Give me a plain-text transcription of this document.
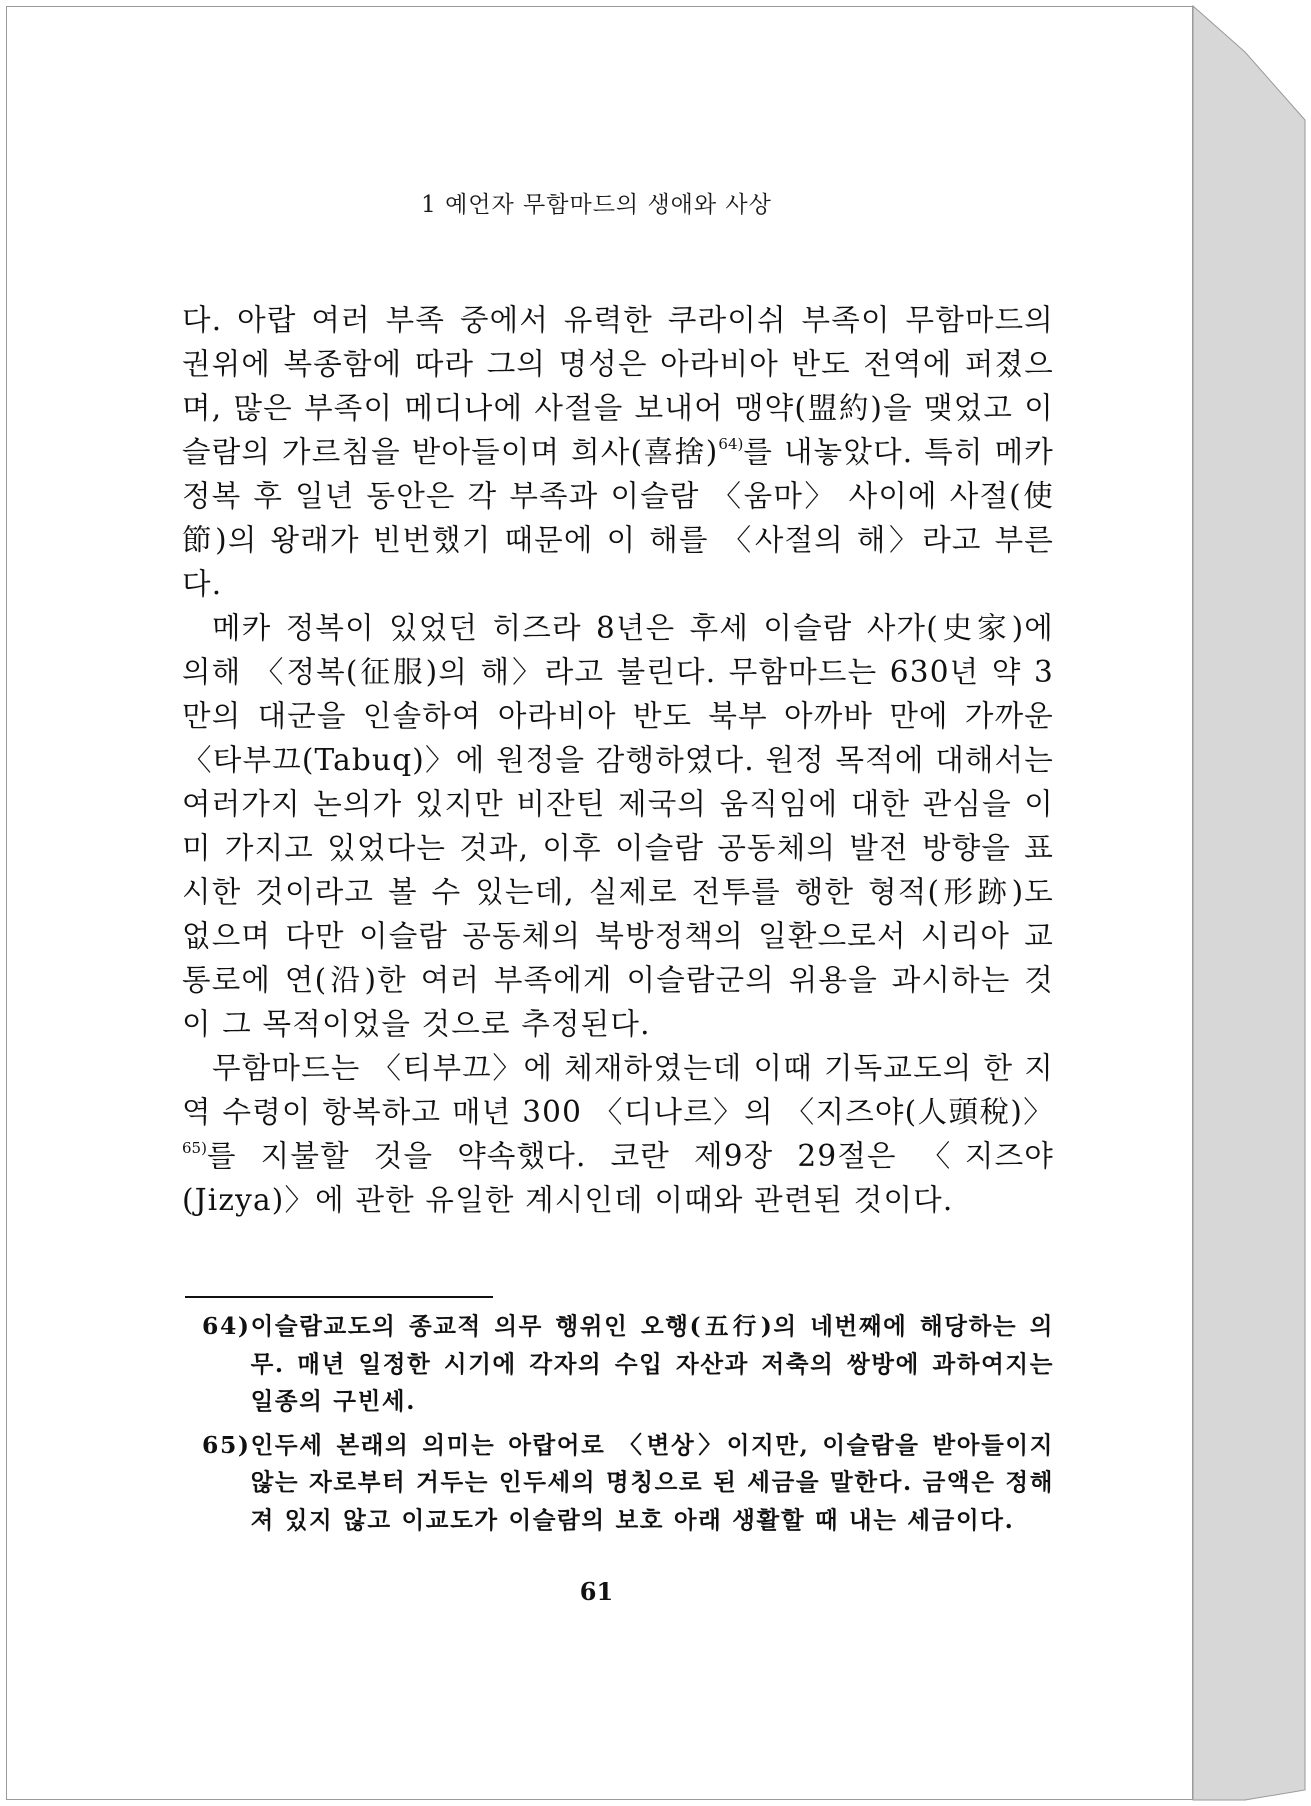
1 예언자 무함마드의 생애와 사상

다. 아랍 여러 부족 중에서 유력한 쿠라이쉬 부족이 무함마드의 권위에 복종함에 따라 그의 명성은 아라비아 반도 전역에 퍼졌으며, 많은 부족이 메디나에 사절을 보내어 맹약(盟約)을 맺었고 이슬람의 가르침을 받아들이며 희사(喜捨)$^{64)}$를 내놓았다. 특히 메카 정복 후 일년 동안은 각 부족과 이슬람 〈움마〉 사이에 사절(使節)의 왕래가 빈번했기 때문에 이 해를 〈사절의 해〉라고 부른다.

메카 정복이 있었던 히즈라 8년은 후세 이슬람 사가(史家)에 의해 〈정복(征服)의 해〉라고 불린다. 무함마드는 630년 약 3만의 대군을 인솔하여 아라비아 반도 북부 아까바 만에 가까운 〈타부끄(Tabuq)〉에 원정을 감행하였다. 원정 목적에 대해서는 여러가지 논의가 있지만 비잔틴 제국의 움직임에 대한 관심을 이미 가지고 있었다는 것과, 이후 이슬람 공동체의 발전 방향을 표시한 것이라고 볼 수 있는데, 실제로 전투를 행한 형적(形跡)도 없으며 다만 이슬람 공동체의 북방정책의 일환으로서 시리아 교통로에 연(沿)한 여러 부족에게 이슬람군의 위용을 과시하는 것이 그 목적이었을 것으로 추정된다.

무함마드는 〈티부끄〉에 체재하였는데 이때 기독교도의 한 지역 수령이 항복하고 매년 300 〈디나르〉의 〈지즈야(人頭稅)〉$^{65)}$를 지불할 것을 약속했다. 코란 제9장 29절은 〈지즈야(Jizya)〉에 관한 유일한 계시인데 이때와 관련된 것이다.

64) 이슬람교도의 종교적 의무 행위인 오행(五行)의 네번째에 해당하는 의무. 매년 일정한 시기에 각자의 수입 자산과 저축의 쌍방에 과하여지는 일종의 구빈세.
65) 인두세 본래의 의미는 아랍어로 〈변상〉이지만, 이슬람을 받아들이지 않는 자로부터 거두는 인두세의 명칭으로 된 세금을 말한다. 금액은 정해져 있지 않고 이교도가 이슬람의 보호 아래 생활할 때 내는 세금이다.
61
